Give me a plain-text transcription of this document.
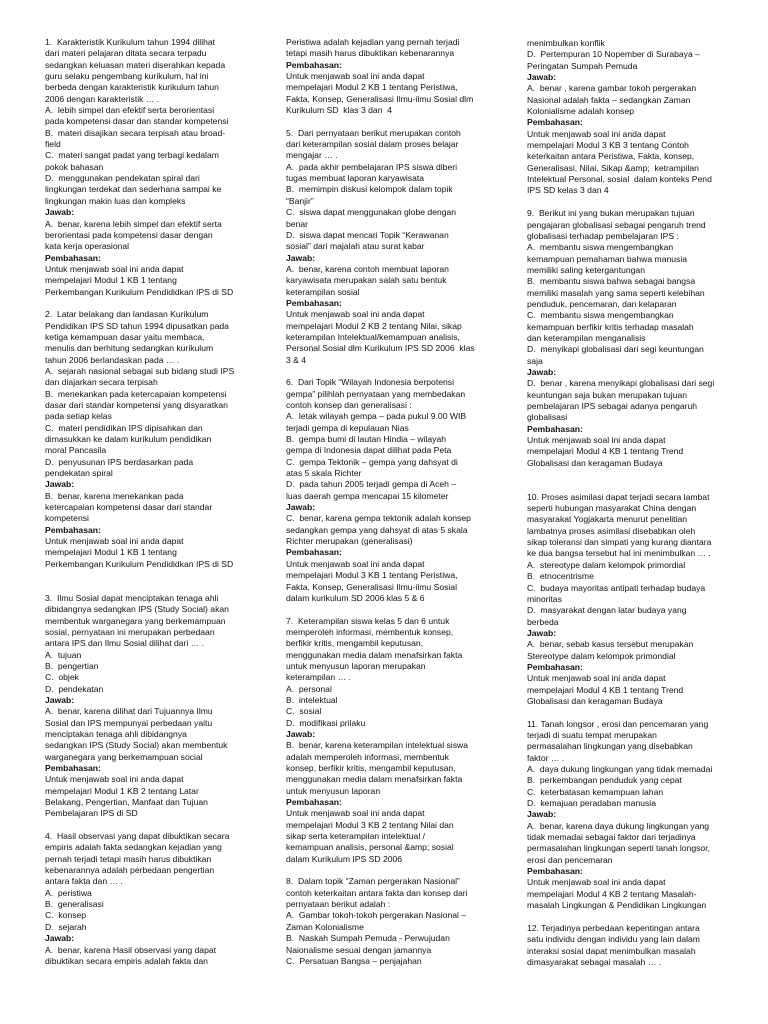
1.  Karakteristik Kurikulum tahun 1994 dilihat
dari materi pelajaran ditata secara terpadu
sedangkan keluasan materi diserahkan kepada
guru selaku pengembang kurikulum, hal ini
berbeda dengan karakteristik kurikulum tahun
2006 dengan karakteristik … .
A.  lebih simpel dan efektif serta berorientasi
pada kompetensi dasar dan standar kompetensi
B.  materi disajikan secara terpisah atau broad-
field
C.  materi sangat padat yang terbagi kedalam
pokok bahasan
D.  menggunakan pendekatan spiral dari
lingkungan terdekat dan sederhana sampai ke
lingkungan makin luas dan kompleks
Jawab:
A.  benar, karena lebih simpel dan efektif serta
berorientasi pada kompetensi dasar dengan
kata kerja operasional
Pembahasan:
Untuk menjawab soal ini anda dapat
mempelajari Modul 1 KB 1 tentang
Perkembangan Kurikulum Pendididkan IPS di SD
2.  Latar belakang dan landasan Kurikulum
Pendidikan IPS SD tahun 1994 dipusatkan pada
ketiga kemampuan dasar yaitu membaca,
menulis dan berhitung sedangkan kurikulum
tahun 2006 berlandaskan pada … .
A.  sejarah nasional sebagai sub bidang studi IPS
dan diajarkan secara terpisah
B.  menekankan pada ketercapaian kompetensi
dasar dari standar kompetensi yang disyaratkan
pada setiap kelas
C.  materi pendidikan IPS dipisahkan dan
dimasukkan ke dalam kurikulum pendidikan
moral Pancasila
D.  penyusunan IPS berdasarkan pada
pendekatan spiral
Jawab:
B.  benar, karena menekankan pada
ketercapaian kompetensi dasar dari standar
kompetensi
Pembahasan:
Untuk menjawab soal ini anda dapat
mempelajari Modul 1 KB 1 tentang
Perkembangan Kurikulum Pendididkan IPS di SD
3.  Ilmu Sosial dapat menciptakan tenaga ahli
dibidangnya sedangkan IPS (Study Social) akan
membentuk warganegara yang berkemampuan
sosial, pernyataan ini merupakan perbedaan
antara IPS dan Ilmu Sosial dilihat dari … .
A.  tujuan
B.  pengertian
C.  objek
D.  pendekatan
Jawab:
A.  benar, karena dilihat dari Tujuannya Ilmu
Sosial dan IPS mempunyai perbedaan yaitu
menciptakan tenaga ahli dibidangnya
sedangkan IPS (Study Social) akan membentuk
warganegara yang berkemampuan social
Pembahasan:
Untuk menjawab soal ini anda dapat
mempelajari Modul 1 KB 2 tentang Latar
Belakang, Pengertian, Manfaat dan Tujuan
Pembelajaran IPS di SD
4.  Hasil observasi yang dapat dibuktikan secara
empiris adalah fakta sedangkan kejadian yang
pernah terjadi tetapi masih harus dibuktikan
kebenarannya adalah perbedaan pengertian
antara fakta dan … .
A.  peristiwa
B.  generalisasi
C.  konsep
D.  sejarah
Jawab:
A.  benar, karena Hasil observasi yang dapat
dibuktikan secara empiris adalah fakta dan
Peristiwa adalah kejadian yang pernah terjadi
tetapi masih harus dibuktikan kebenarannya
Pembahasan:
Untuk menjawab soal ini anda dapat
mempelajari Modul 2 KB 1 tentang Peristiwa,
Fakta, Konsep, Generalisasi Ilmu-ilmu Sosial dlm
Kurikulum SD  klas 3 dan  4
5.  Dari pernyataan berikut merupakan contoh
dari keterampilan sosial dalam proses belajar
mengajar … .
A.  pada akhir pembelajaran IPS siswa diberi
tugas membuat laporan karyawisata
B.  memimpin diskusi kelompok dalam topik
“Banjir”
C.  siswa dapat menggunakan globe dengan
benar
D.  siswa dapat mencari Topik “Kerawanan
sosial” dari majalah atau surat kabar
Jawab:
A.  benar, karena contoh membuat laporan
karyawisata merupakan salah satu bentuk
keterampilan sosial
Pembahasan:
Untuk menjawab soal ini anda dapat
mempelajari Modul 2 KB 2 tentang Nilai, sikap
keterampilan Intelektual/kemampuan analisis,
Personal Sosial dlm Kurikulum IPS SD 2006  klas
3 & 4
6.  Dari Topik “Wilayah Indonesia berpotensi
gempa” pilihlah pernyataan yang membedakan
contoh konsep dan generalisasi :
A.  letak wilayah gempa – pada pukul 9.00 WIB
terjadi gempa di kepulauan Nias
B.  gempa bumi di lautan Hindia – wilayah
gempa di Indonesia dapat dilihat pada Peta
C.  gempa Tektonik – gempa yang dahsyat di
atas 5 skala Richter
D.  pada tahun 2005 terjadi gempa di Aceh –
luas daerah gempa mencapai 15 kilometer
Jawab:
C.  benar, karena gempa tektonik adalah konsep
sedangkan gempa yang dahsyat di atas 5 skala
Richter merupakan (generalisasi)
Pembahasan:
Untuk menjawab soal ini anda dapat
mempelajari Modul 3 KB 1 tentang Peristiwa,
Fakta, Konsep, Generalisasi Ilmu-ilmu Sosial
dalam kurikulum SD 2006 klas 5 & 6
7.  Keterampilan siswa kelas 5 dan 6 untuk
memperoleh informasi, membentuk konsep,
berfikir kritis, mengambil keputusan,
menggunakan media dalam menafsirkan fakta
untuk menyusun laporan merupakan
keterampilan … .
A.  personal
B.  intelektual
C.  sosial
D.  modifikasi prilaku
Jawab:
B.  benar, karena keterampilan intelektual siswa
adalah memperoleh informasi, membentuk
konsep, berfikir kritis, mengambil keputusan,
menggunakan media dalam menafsirkan fakta
untuk menyusun laporan
Pembahasan:
Untuk menjawab soal ini anda dapat
mempelajari Modul 3 KB 2 tentang Nilai dan
sikap serta keterampilan intelektual /
kemampuan analisis, personal &amp; sosial
dalam Kurikulum IPS SD 2006
8.  Dalam topik “Zaman pergerakan Nasional”
contoh keterkaitan antara fakta dan konsep dari
pernyataan berikut adalah :
A.  Gambar tokoh-tokoh pergerakan Nasional –
Zaman Kolonialisme
B.  Naskah Sumpah Pemuda - Perwujudan
Naionalisme sesuai dengan jamannya
C.  Persatuan Bangsa – penjajahan
menimbulkan konflik
D.  Pertempuran 10 Nopember di Surabaya –
Peringatan Sumpah Pemuda
Jawab:
A.  benar , karena gambar tokoh pergerakan
Nasional adalah fakta – sedangkan Zaman
Kolonialisme adalah konsep
Pembahasan:
Untuk menjawab soal ini anda dapat
mempelajari Modul 3 KB 3 tentang Contoh
keterkaitan antara Peristiwa, Fakta, konsep,
Generalisasi, Nilai, Sikap &amp;  ketrampilan
Intelektual Personal, sosial  dalam konteks Pend
IPS SD kelas 3 dan 4
9.  Berikut ini yang bukan merupakan tujuan
pengajaran globalisasi sebagai pengaruh trend
globalisasi terhadap pembelajaran IPS :
A.  membantu siswa mengembangkan
kemampuan pemahaman bahwa manusia
memiliki saling ketergantungan
B.  membantu siswa bahwa sebagai bangsa
memiliki masalah yang sama seperti kelebihan
penduduk, pencemaran, dan kelaparan
C.  membantu siswa mengembangkan
kemampuan berfikir kritis terhadap masalah
dan keterampilan menganalisis
D.  menyikapi globalisasi dari segi keuntungan
saja
Jawab:
D.  benar , karena menyikapi globalisasi dari segi
keuntungan saja bukan merupakan tujuan
pembelajaran IPS sebagai adanya pengaruh
globalisasi
Pembahasan:
Untuk menjawab soal ini anda dapat
mempelajari Modul 4 KB 1 tentang Trend
Globalisasi dan keragaman Budaya
10. Proses asimilasi dapat terjadi secara lambat
seperti hubungan masyarakat China dengan
masyarakat Yogjakarta menurut penelitian
lambatnya proses asimilasi disebabkan oleh
sikap toleransi dan simpati yang kurang diantara
ke dua bangsa tersebut hal ini menimbulkan … .
A.  stereotype dalam kelompok primordial
B.  etnocentrisme
C.  budaya mayoritas antipati terhadap budaya
minoritas
D.  masyarakat dengan latar budaya yang
berbeda
Jawab:
A.  benar, sebab kasus tersebut merupakan
Stereotype dalam kelompok primondial
Pembahasan:
Untuk menjawab soal ini anda dapat
mempelajari Modul 4 KB 1 tentang Trend
Globalisasi dan keragaman Budaya
11. Tanah longsor , erosi dan pencemaran yang
terjadi di suatu tempat merupakan
permasalahan lingkungan yang disebabkan
faktor … .
A.  daya dukung lingkungan yang tidak memadai
B.  perkembangan penduduk yang cepat
C.  keterbatasan kemampuan lahan
D.  kemajuan peradaban manusia
Jawab:
A.  benar, karena daya dukung lingkungan yang
tidak memadai sebagai faktor dari terjadinya
permasalahan lingkungan seperti tanah longsor,
erosi dan pencemaran
Pembahasan:
Untuk menjawab soal ini anda dapat
mempelajari Modul 4 KB 2 tentang Masalah-
masalah Lingkungan & Pendidikan Lingkungan
12. Terjadinya perbedaan kepentingan antara
satu individu dengan individu yang lain dalam
interaksi sosial dapat menimbulkan masalah
dimasyarakat sebagai masalah … .
